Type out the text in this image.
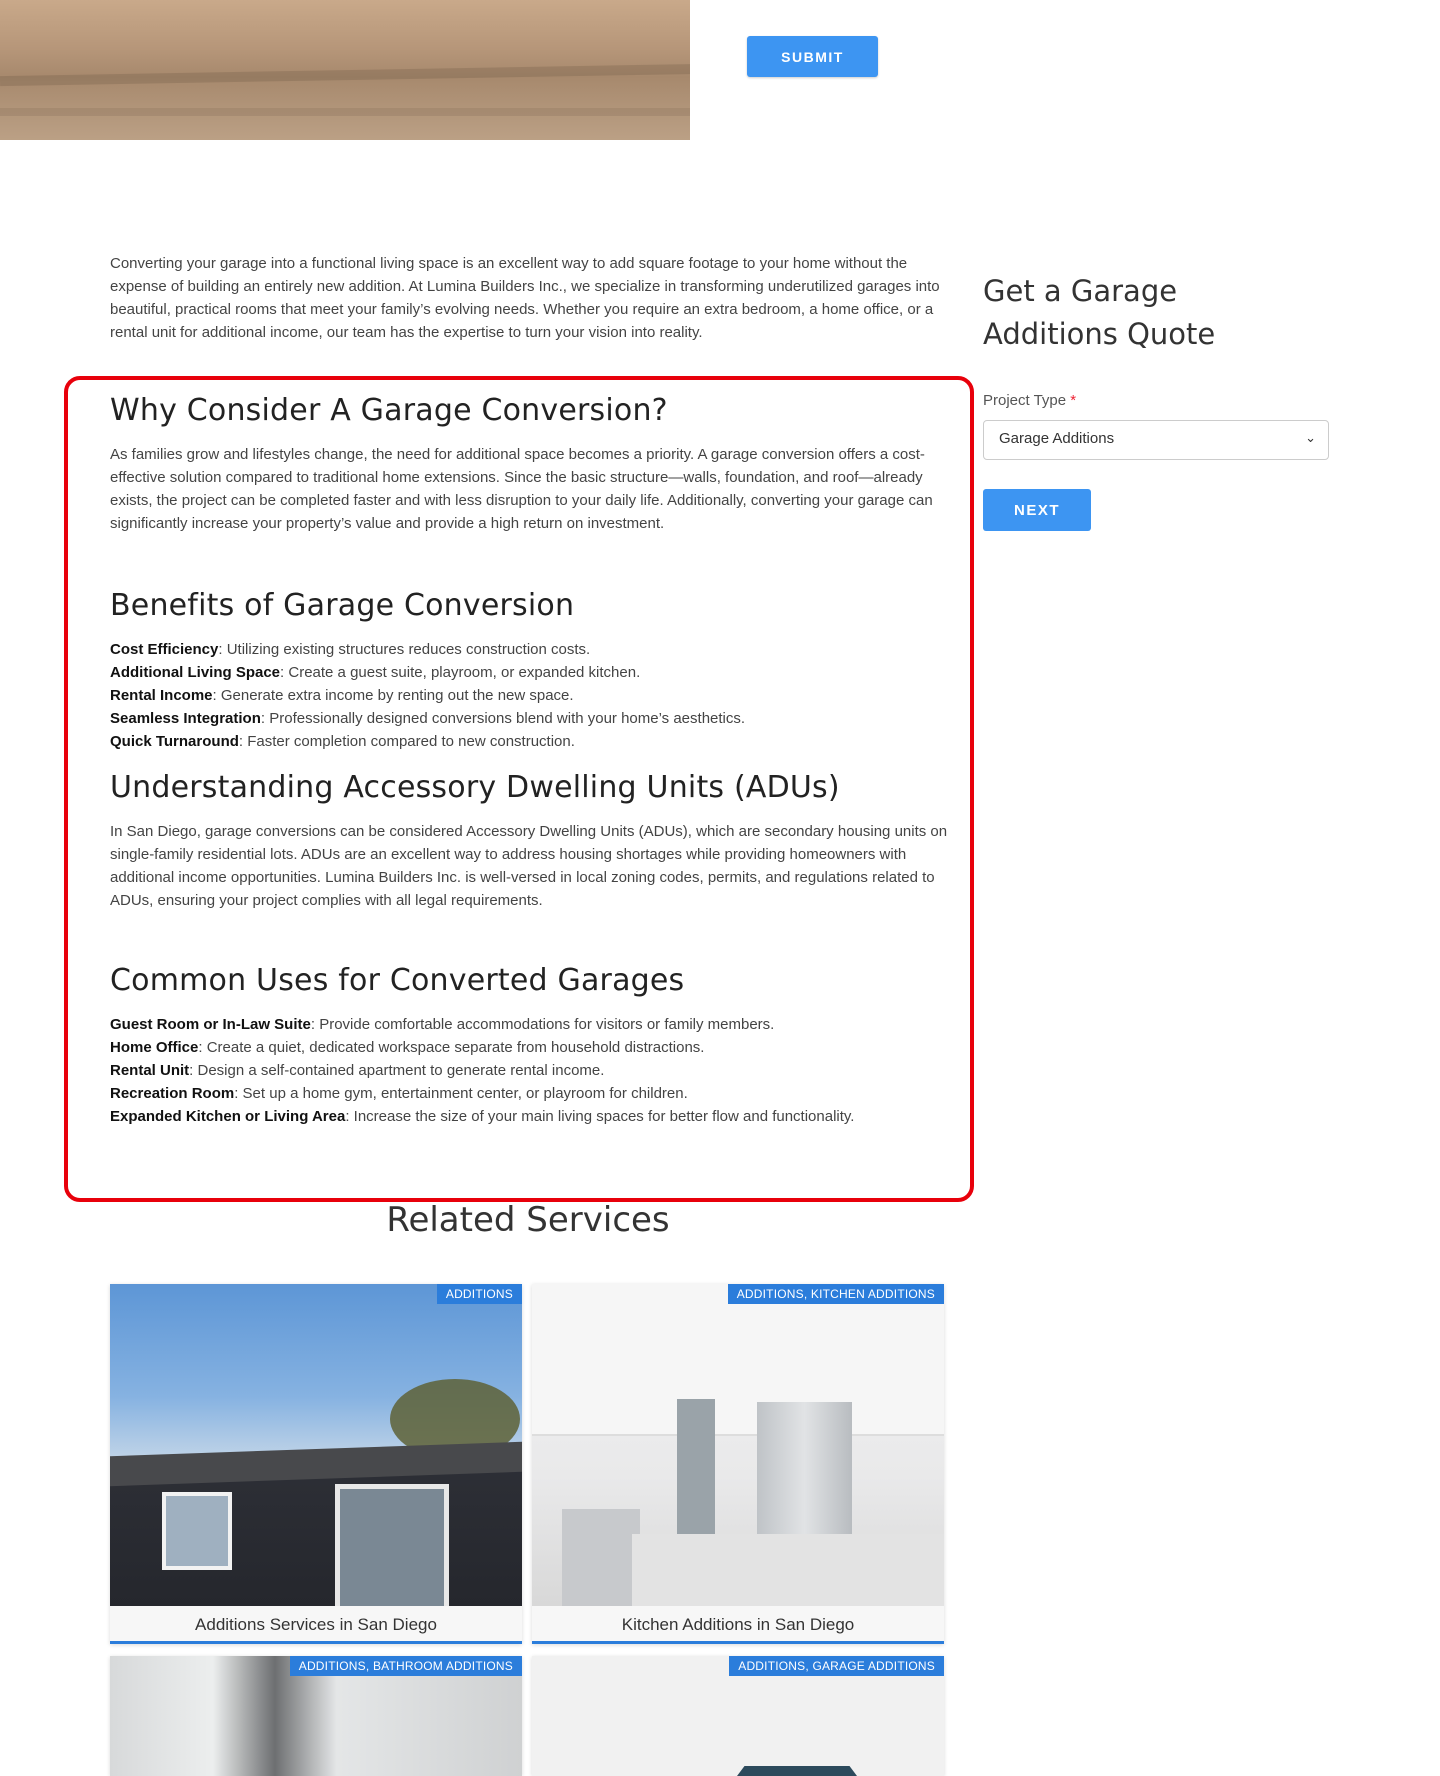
SUBMIT

Converting your garage into a functional living space is an excellent way to add square footage to your home without the expense of building an entirely new addition. At Lumina Builders Inc., we specialize in transforming underutilized garages into beautiful, practical rooms that meet your family’s evolving needs. Whether you require an extra bedroom, a home office, or a rental unit for additional income, our team has the expertise to turn your vision into reality.

Why Consider A Garage Conversion?

As families grow and lifestyles change, the need for additional space becomes a priority. A garage conversion offers a cost-effective solution compared to traditional home extensions. Since the basic structure—walls, foundation, and roof—already exists, the project can be completed faster and with less disruption to your daily life. Additionally, converting your garage can significantly increase your property’s value and provide a high return on investment.

Benefits of Garage Conversion
Cost Efficiency: Utilizing existing structures reduces construction costs.
Additional Living Space: Create a guest suite, playroom, or expanded kitchen.
Rental Income: Generate extra income by renting out the new space.
Seamless Integration: Professionally designed conversions blend with your home’s aesthetics.
Quick Turnaround: Faster completion compared to new construction.
Understanding Accessory Dwelling Units (ADUs)

In San Diego, garage conversions can be considered Accessory Dwelling Units (ADUs), which are secondary housing units on single-family residential lots. ADUs are an excellent way to address housing shortages while providing homeowners with additional income opportunities. Lumina Builders Inc. is well-versed in local zoning codes, permits, and regulations related to ADUs, ensuring your project complies with all legal requirements.

Common Uses for Converted Garages
Guest Room or In-Law Suite: Provide comfortable accommodations for visitors or family members.
Home Office: Create a quiet, dedicated workspace separate from household distractions.
Rental Unit: Design a self-contained apartment to generate rental income.
Recreation Room: Set up a home gym, entertainment center, or playroom for children.
Expanded Kitchen or Living Area: Increase the size of your main living spaces for better flow and functionality.
Get a Garage Additions Quote
Project Type *
Garage Additions	⌄
NEXT
Related Services
ADDITIONS
Additions Services in San Diego
ADDITIONS, KITCHEN ADDITIONS
Kitchen Additions in San Diego
ADDITIONS, BATHROOM ADDITIONS	ADDITIONS, GARAGE ADDITIONS
